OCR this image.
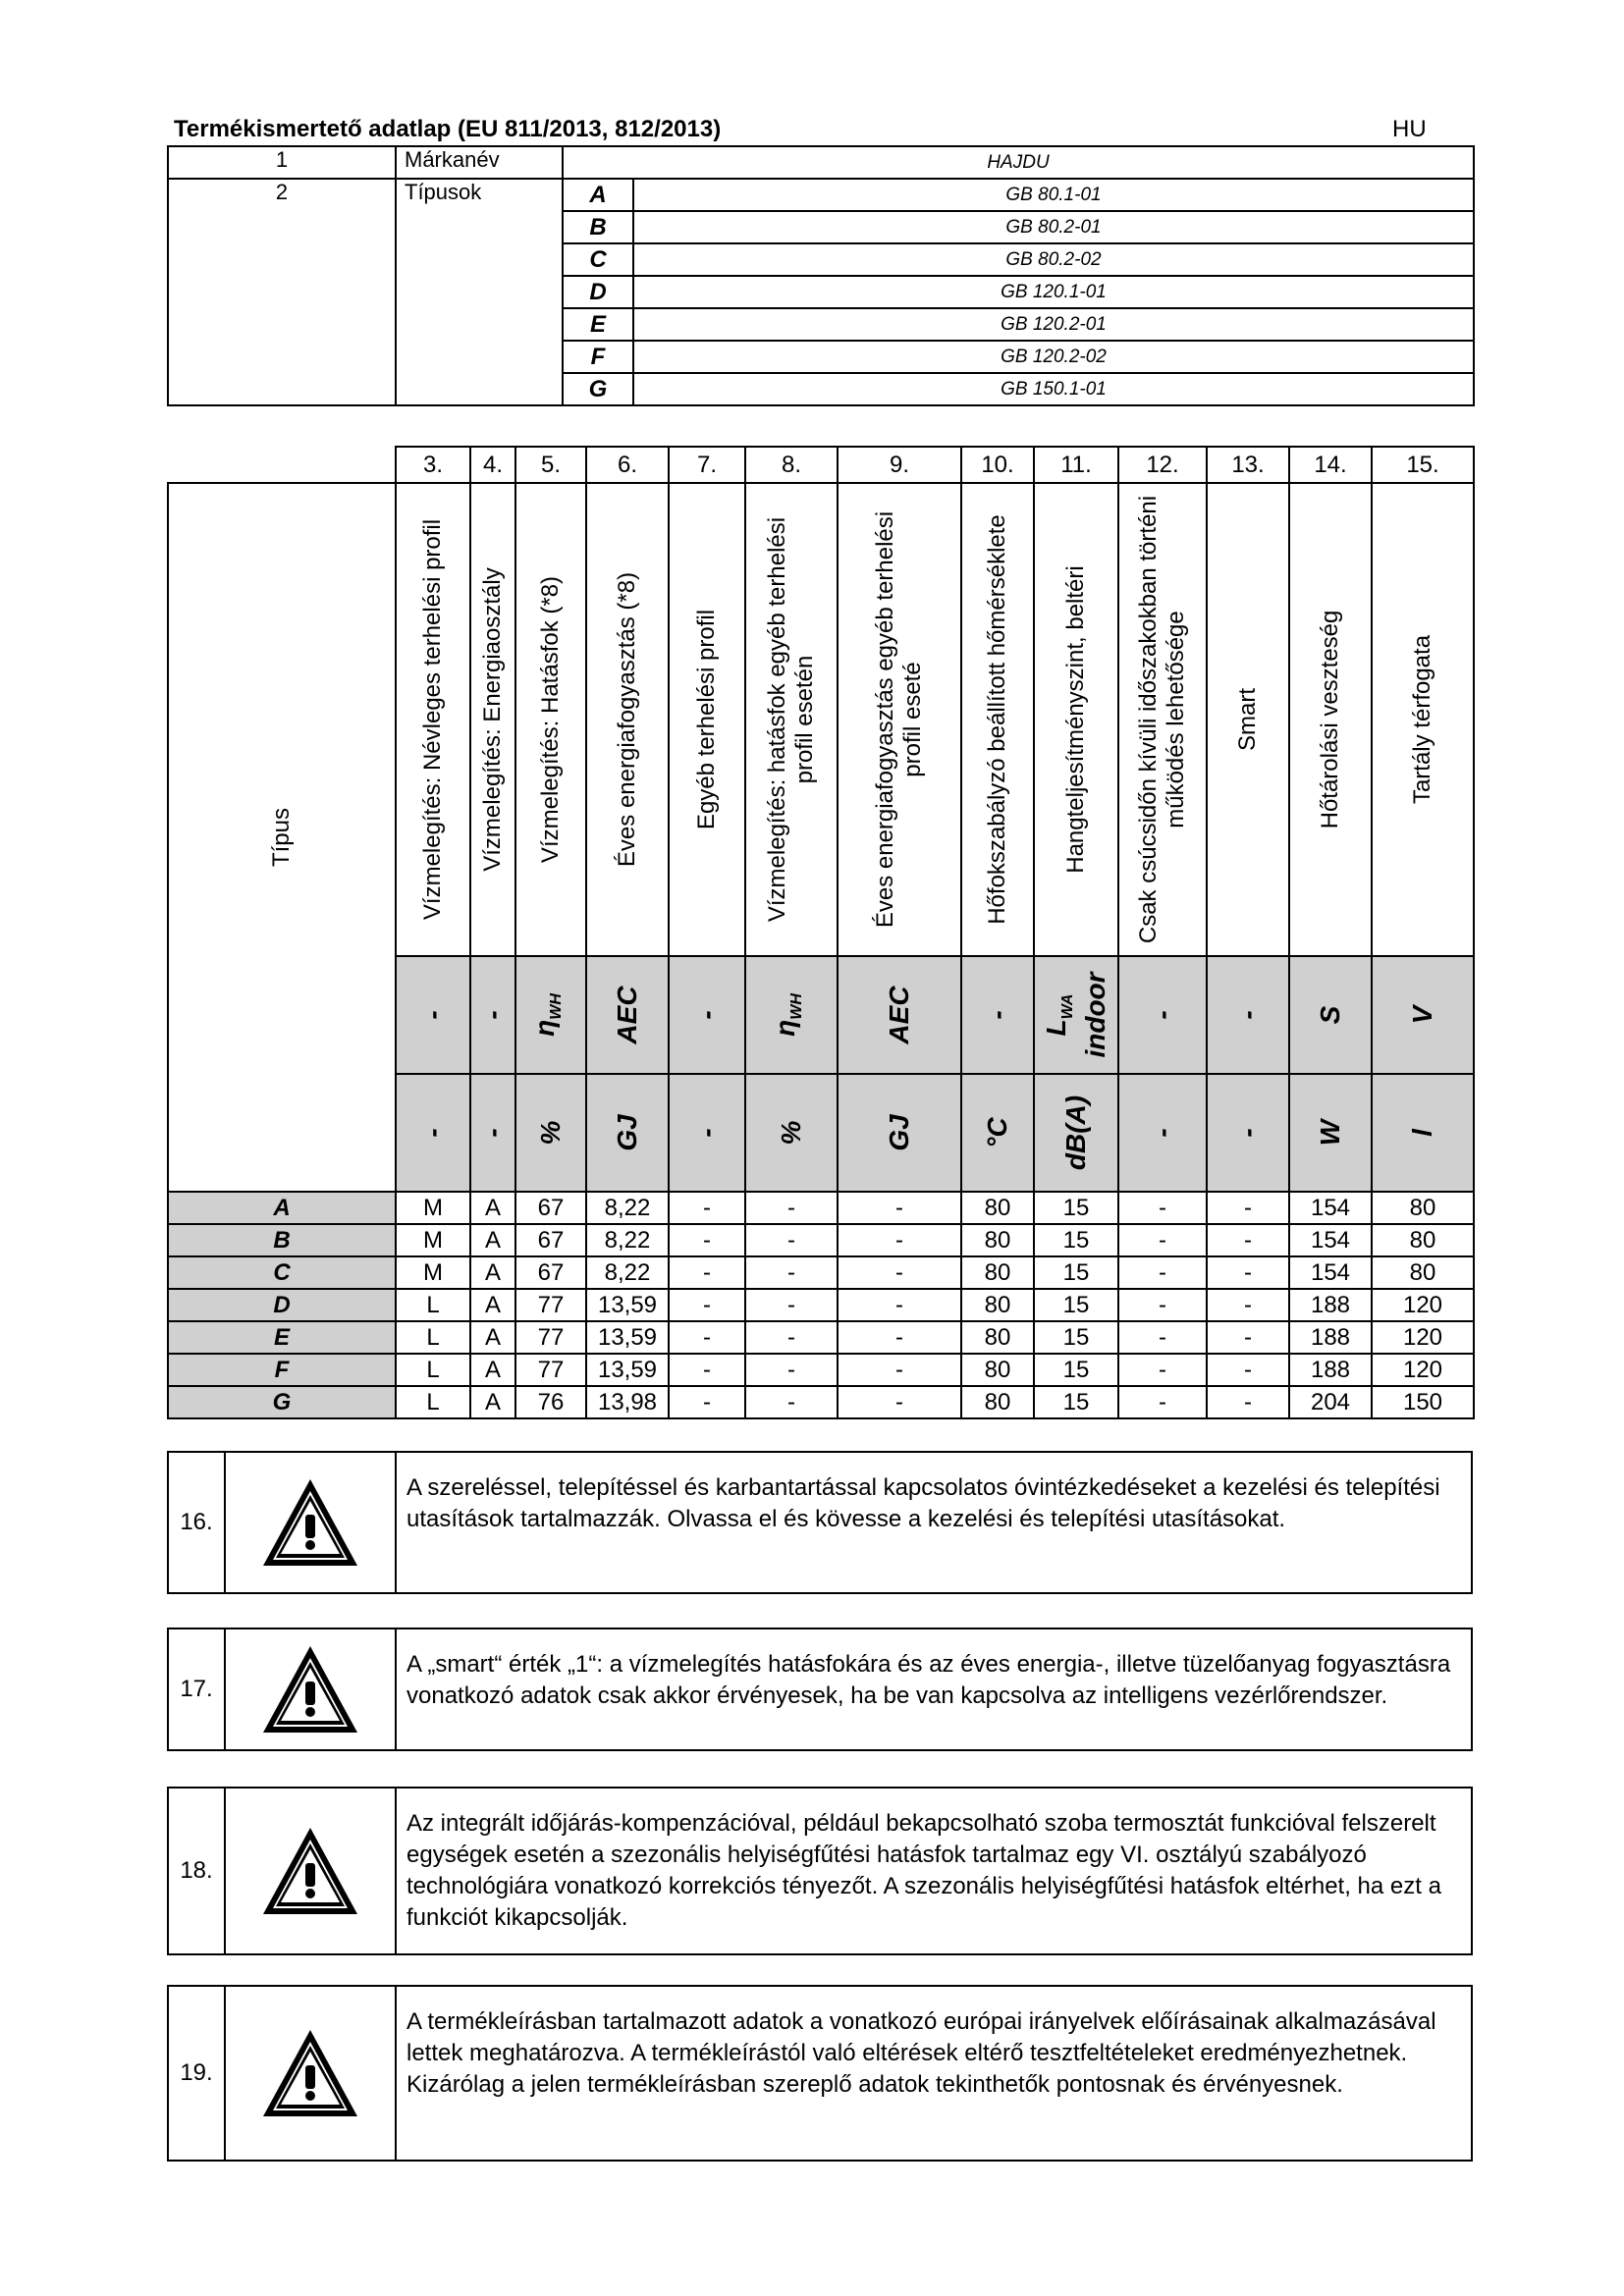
Termékismertető adatlap (EU 811/2013, 812/2013)	HU
1	Márkanév	HAJDU	
2	Típusok	A	GB 80.1-01
		B	GB 80.2-01
		C	GB 80.2-02
		D	GB 120.1-01
		E	GB 120.2-01
		F	GB 120.2-02
		G	GB 150.1-01
	3.	4.	5.	6.	7.	8.	9.	10.	11.	12.	13.	14.	15.

Típus	Vízmelegítés: Névleges terhelési profil	Vízmelegítés: Energiaosztály	Vízmelegítés: Hatásfok (*8)	Éves energiafogyasztás (*8)	Egyéb terhelési profil	Vízmelegítés: hatásfok egyéb terhelési profil esetén	Éves energiafogyasztás egyéb terhelési profil eseté	Hőfokszabályzó beállított hőmérséklete	Hangteljesítményszint, beltéri	Csak csúcsidőn kívüli időszakokban történi működés lehetősége	Smart	Hőtárolási veszteség	Tartály térfogata

	-	-	$\eta_{WH}$	AEC	-	$\eta_{WH}$	AEC	-	$L_{WA}$ indoor	-	-	S	V

	-	-	%	GJ	-	%	GJ	°C	dB(A)	-	-	W	l

A	M	A	67	8,22	-	-	-	80	15	-	-	154	80
B	M	A	67	8,22	-	-	-	80	15	-	-	154	80
C	M	A	67	8,22	-	-	-	80	15	-	-	154	80
D	L	A	77	13,59	-	-	-	80	15	-	-	188	120
E	L	A	77	13,59	-	-	-	80	15	-	-	188	120
F	L	A	77	13,59	-	-	-	80	15	-	-	188	120
G	L	A	76	13,98	-	-	-	80	15	-	-	204	150
16.
A szereléssel, telepítéssel és karbantartással kapcsolatos óvintézkedéseket a kezelési és telepítési utasítások tartalmazzák. Olvassa el és kövesse a kezelési és telepítési utasításokat.
17.
A „smart“ érték „1“: a vízmelegítés hatásfokára és az éves energia-, illetve tüzelőanyag fogyasztásra vonatkozó adatok csak akkor érvényesek, ha be van kapcsolva az intelligens vezérlőrendszer.
18.
Az integrált időjárás-kompenzációval, például bekapcsolható szoba termosztát funkcióval felszerelt egységek esetén a szezonális helyiségfűtési hatásfok tartalmaz egy VI. osztályú szabályozó technológiára vonatkozó korrekciós tényezőt. A szezonális helyiségfűtési hatásfok eltérhet, ha ezt a funkciót kikapcsolják.
19.
A termékleírásban tartalmazott adatok a vonatkozó európai irányelvek előírásainak alkalmazásával lettek meghatározva. A termékleírástól való eltérések eltérő tesztfeltételeket eredményezhetnek. Kizárólag a jelen termékleírásban szereplő adatok tekinthetők pontosnak és érvényesnek.
